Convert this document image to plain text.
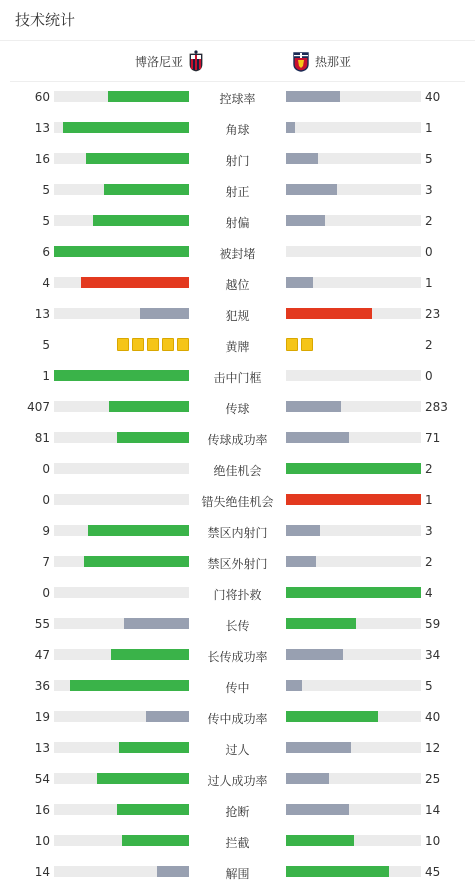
技术统计
博洛尼亚	热那亚
60	控球率	40
13	角球	1
16	射门	5
5	射正	3
5	射偏	2
6	被封堵	0
4	越位	1
13	犯规	23
5	黄牌	2
1	击中门框	0
407	传球	283
81	传球成功率	71
0	绝佳机会	2
0	错失绝佳机会	1
9	禁区内射门	3
7	禁区外射门	2
0	门将扑救	4
55	长传	59
47	长传成功率	34
36	传中	5
19	传中成功率	40
13	过人	12
54	过人成功率	25
16	抢断	14
10	拦截	10
14	解围	45
